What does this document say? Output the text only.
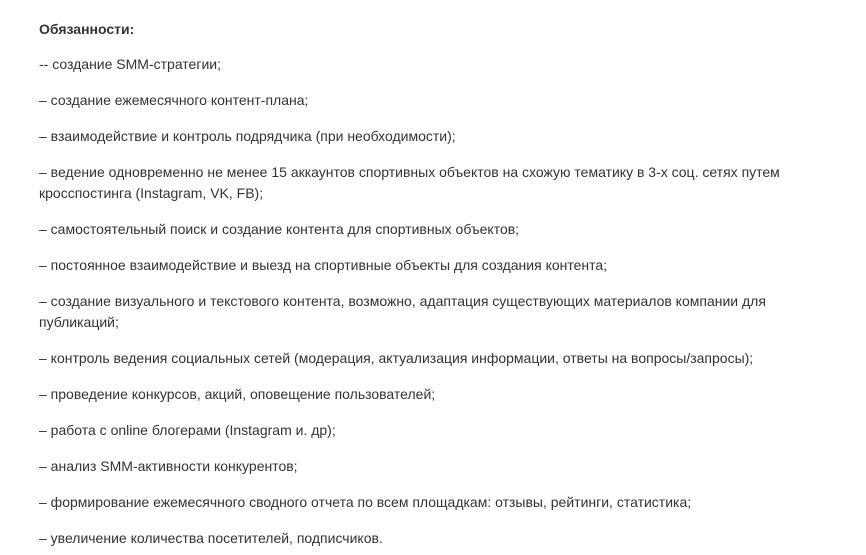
Обязанности:

-- создание SMM-стратегии;
– создание ежемесячного контент-плана;
– взаимодействие и контроль подрядчика (при необходимости);
– ведение одновременно не менее 15 аккаунтов спортивных объектов на схожую тематику в 3-х соц. сетях путем кросспостинга (Instagram, VK, FB);
– самостоятельный поиск и создание контента для спортивных объектов;
– постоянное взаимодействие и выезд на спортивные объекты для создания контента;
– создание визуального и текстового контента, возможно, адаптация существующих материалов компании для публикаций;
– контроль ведения социальных сетей (модерация, актуализация информации, ответы на вопросы/запросы);
– проведение конкурсов, акций, оповещение пользователей;
– работа с online блогерами (Instagram и. др);
– анализ SMM-активности конкурентов;
– формирование ежемесячного сводного отчета по всем площадкам: отзывы, рейтинги, статистика;
– увеличение количества посетителей, подписчиков.
